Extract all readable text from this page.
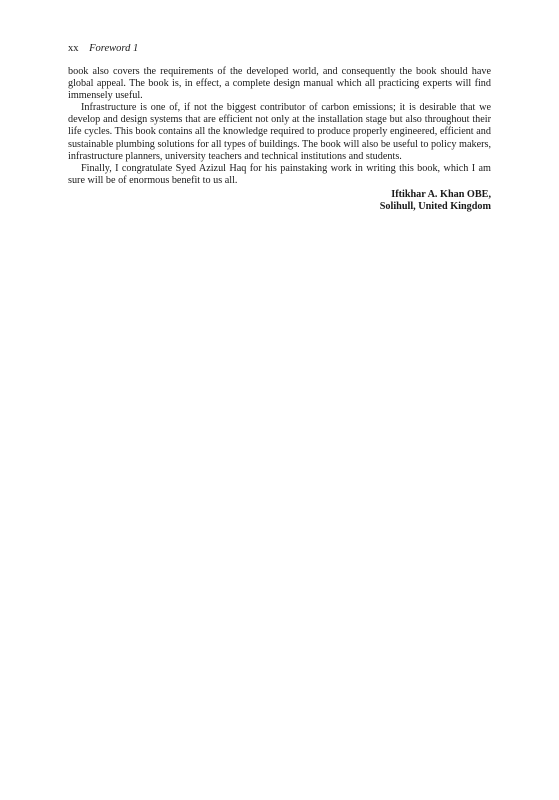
xx Foreword 1

book also covers the requirements of the developed world, and consequently the book should have global appeal. The book is, in effect, a complete design manual which all practicing experts will find immensely useful.

Infrastructure is one of, if not the biggest contributor of carbon emissions; it is desirable that we develop and design systems that are efficient not only at the installation stage but also throughout their life cycles. This book contains all the knowledge required to produce properly engineered, efficient and sustainable plumbing solutions for all types of buildings. The book will also be useful to policy makers, infrastructure planners, university teachers and technical institutions and students.

Finally, I congratulate Syed Azizul Haq for his painstaking work in writing this book, which I am sure will be of enormous benefit to us all.

Iftikhar A. Khan OBE,
Solihull, United Kingdom
